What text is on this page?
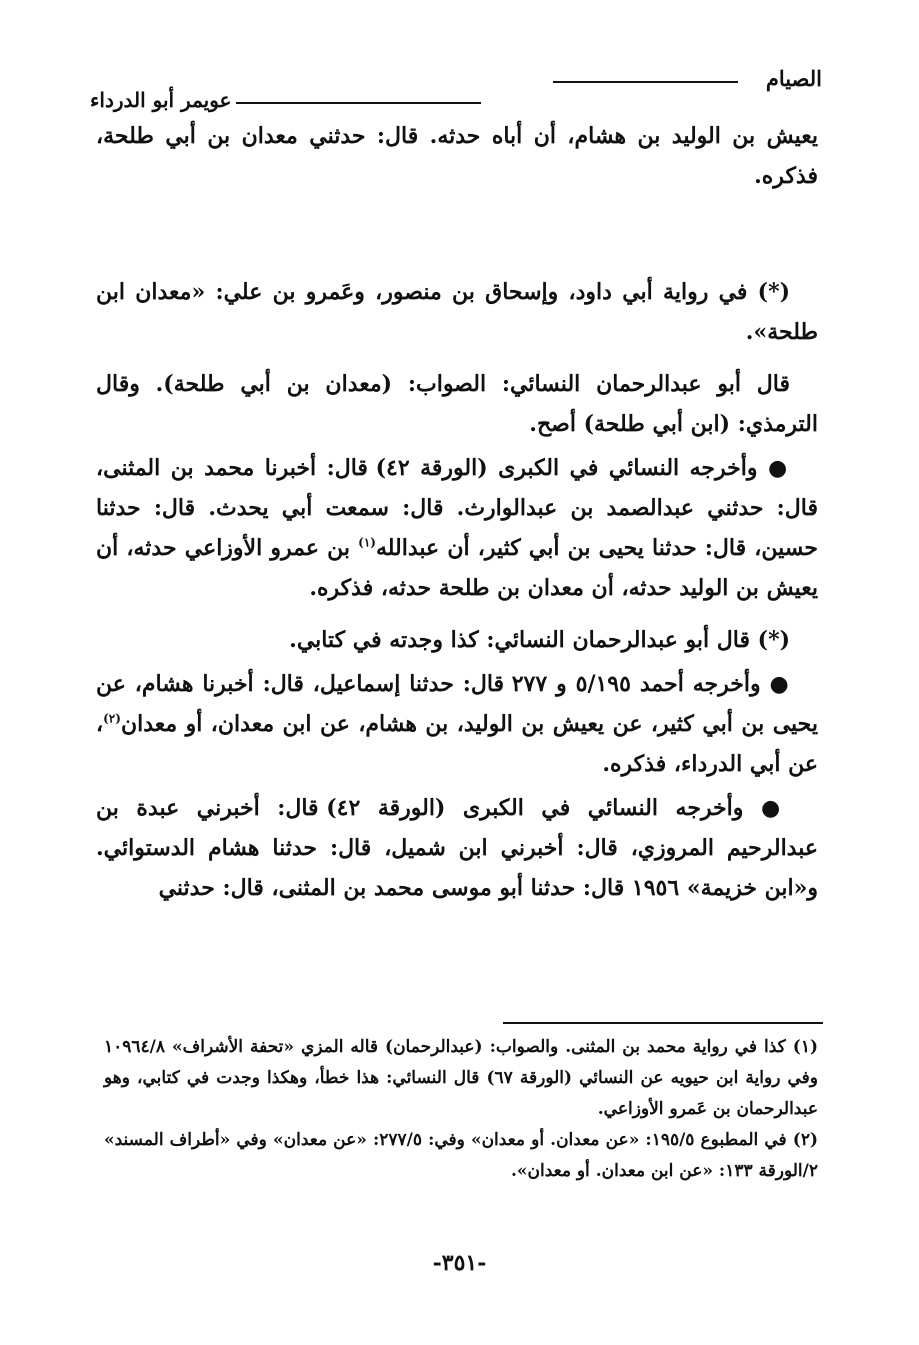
الصيام
عويمر أبو الدرداء

يعيش بن الوليد بن هشام، أن أباه حدثه. قال: حدثني معدان بن أبي طلحة، فذكره.

(*) في رواية أبي داود، وإسحاق بن منصور، وعَمرو بن علي: «معدان ابن طلحة».

قال أبو عبدالرحمان النسائي: الصواب: (معدان بن أبي طلحة). وقال الترمذي: (ابن أبي طلحة) أصح.

● وأخرجه النسائي في الكبرى (الورقة ٤٢) قال: أخبرنا محمد بن المثنى، قال: حدثني عبدالصمد بن عبدالوارث. قال: سمعت أبي يحدث. قال: حدثنا حسين، قال: حدثنا يحيى بن أبي كثير، أن عبدالله$^{(١)}$ بن عمرو الأوزاعي حدثه، أن يعيش بن الوليد حدثه، أن معدان بن طلحة حدثه، فذكره.

(*) قال أبو عبدالرحمان النسائي: كذا وجدته في كتابي.

● وأخرجه أحمد ٥/١٩٥ و ٢٧٧ قال: حدثنا إسماعيل، قال: أخبرنا هشام، عن يحيى بن أبي كثير، عن يعيش بن الوليد، بن هشام، عن ابن معدان، أو معدان$^{(٢)}$، عن أبي الدرداء، فذكره.

● وأخرجه النسائي في الكبرى (الورقة ٤٢) قال: أخبرني عبدة بن عبدالرحيم المروزي، قال: أخبرني ابن شميل، قال: حدثنا هشام الدستوائي. و«ابن خزيمة» ١٩٥٦ قال: حدثنا أبو موسى محمد بن المثنى، قال: حدثني

(١) كذا في رواية محمد بن المثنى. والصواب: (عبدالرحمان) قاله المزي «تحفة الأشراف» ١٠٩٦٤/٨ وفي رواية ابن حيويه عن النسائي (الورقة ٦٧) قال النسائي: هذا خطأ، وهكذا وجدت في كتابي، وهو عبدالرحمان بن عَمرو الأوزاعي.

(٢) في المطبوع ١٩٥/٥: «عن معدان. أو معدان» وفي: ٢٧٧/٥: «عن معدان» وفي «أطراف المسند» ٢/الورقة ١٣٣: «عن ابن معدان. أو معدان».

-٣٥١-
